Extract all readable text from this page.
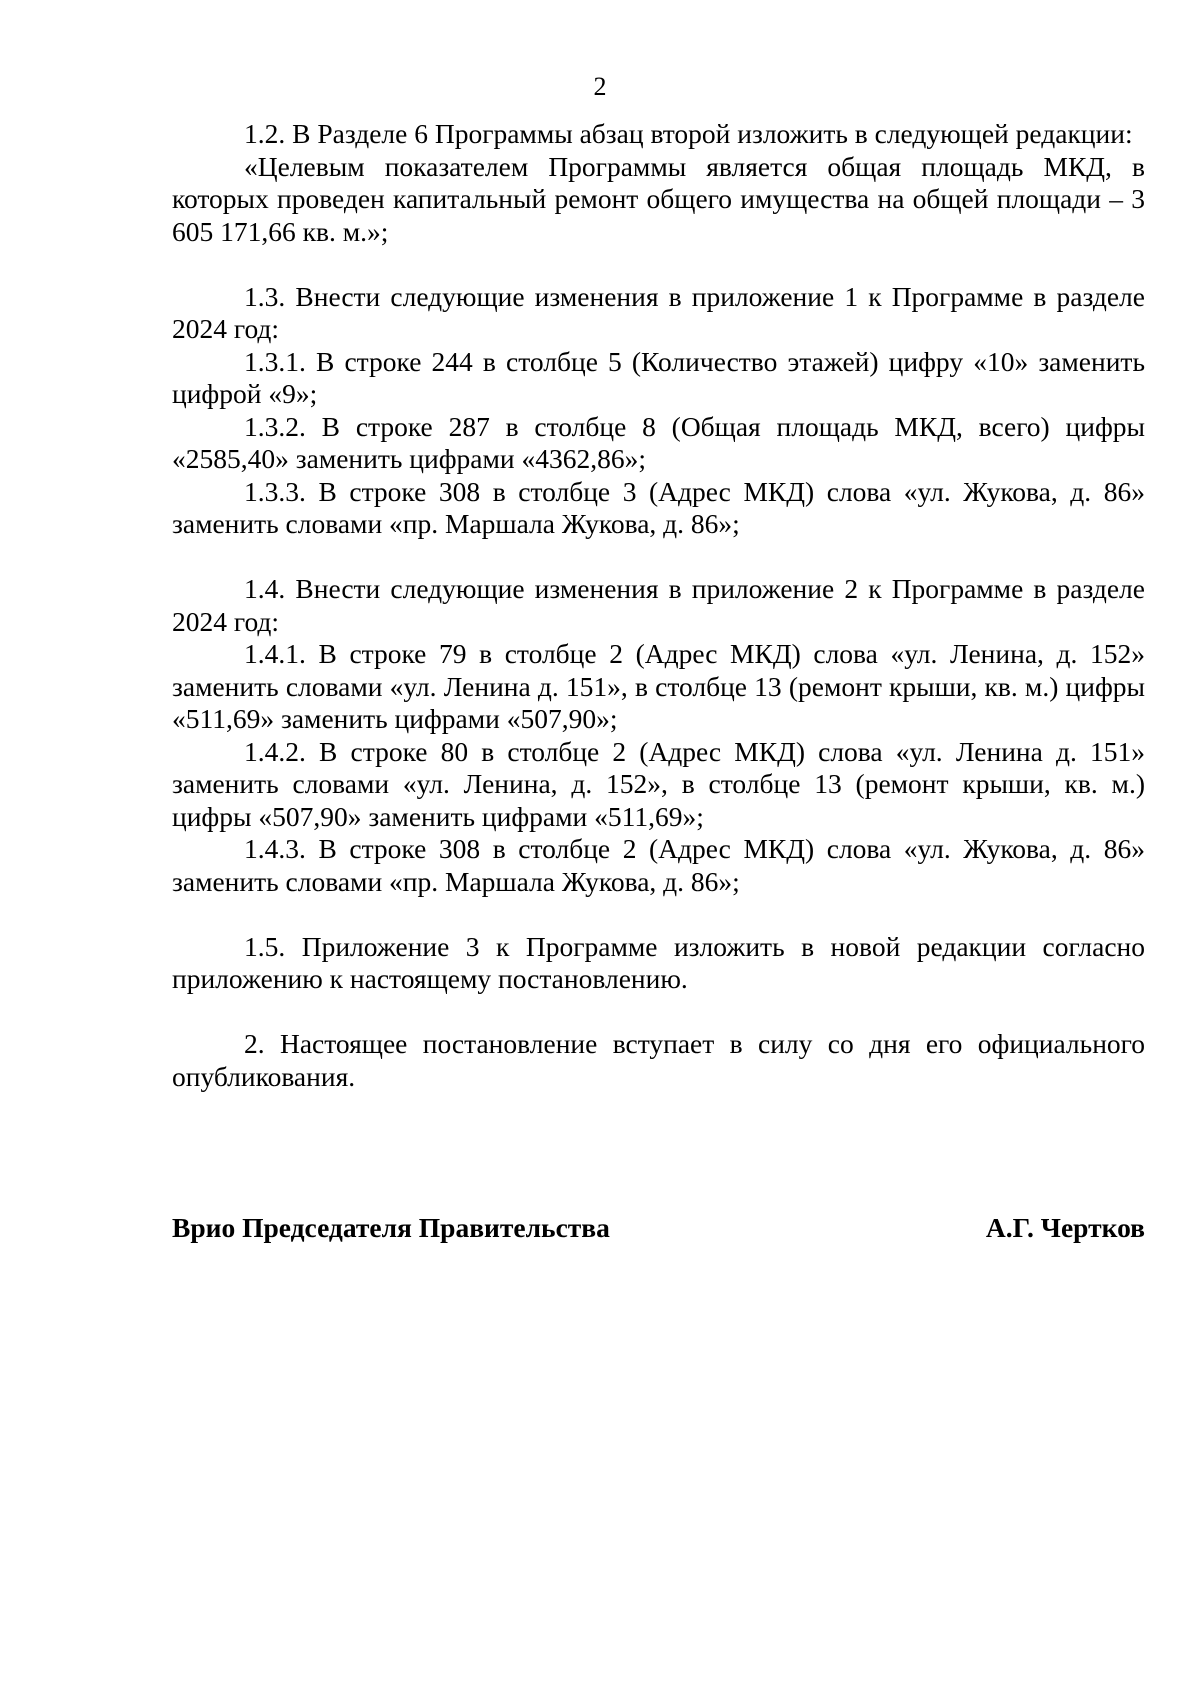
2

1.2. В Разделе 6 Программы абзац второй изложить в следующей редакции:

«Целевым показателем Программы является общая площадь МКД, в которых проведен капитальный ремонт общего имущества на общей площади – 3 605 171,66 кв. м.»;

1.3. Внести следующие изменения в приложение 1 к Программе в разделе 2024 год:

1.3.1. В строке 244 в столбце 5 (Количество этажей) цифру «10» заменить цифрой «9»;

1.3.2. В строке 287 в столбце 8 (Общая площадь МКД, всего) цифры «2585,40» заменить цифрами «4362,86»;

1.3.3. В строке 308 в столбце 3 (Адрес МКД) слова «ул. Жукова, д. 86» заменить словами «пр. Маршала Жукова, д. 86»;

1.4. Внести следующие изменения в приложение 2 к Программе в разделе 2024 год:

1.4.1. В строке 79 в столбце 2 (Адрес МКД) слова «ул. Ленина, д. 152» заменить словами «ул. Ленина д. 151», в столбце 13 (ремонт крыши, кв. м.) цифры «511,69» заменить цифрами «507,90»;

1.4.2. В строке 80 в столбце 2 (Адрес МКД) слова «ул. Ленина д. 151» заменить словами «ул. Ленина, д. 152», в столбце 13 (ремонт крыши, кв. м.) цифры «507,90» заменить цифрами «511,69»;

1.4.3. В строке 308 в столбце 2 (Адрес МКД) слова «ул. Жукова, д. 86» заменить словами «пр. Маршала Жукова, д. 86»;

1.5. Приложение 3 к Программе изложить в новой редакции согласно приложению к настоящему постановлению.

2. Настоящее постановление вступает в силу со дня его официального опубликования.

Врио Председателя Правительства	А.Г. Чертков
